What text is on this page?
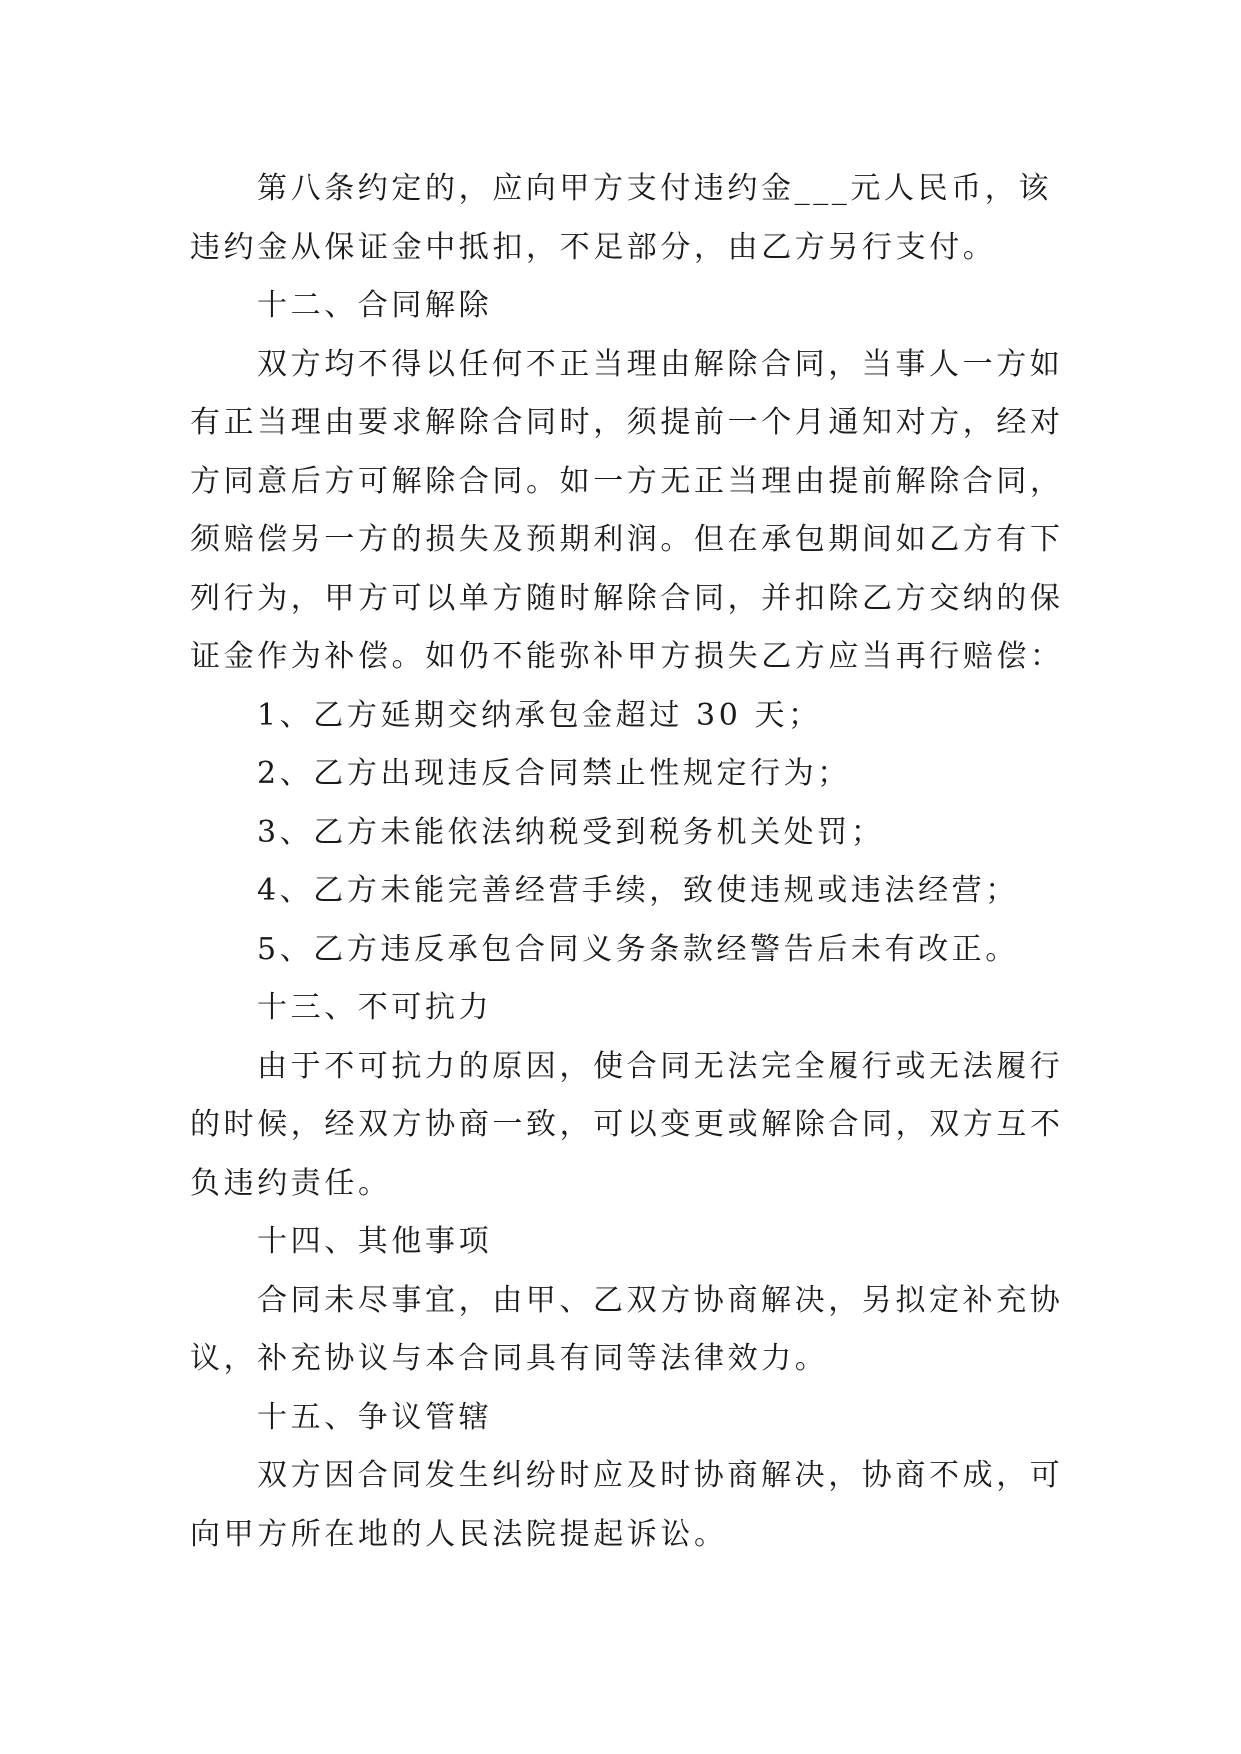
第八条约定的，应向甲方支付违约金___元人民币，该
违约金从保证金中抵扣，不足部分，由乙方另行支付。
十二、合同解除
双方均不得以任何不正当理由解除合同，当事人一方如
有正当理由要求解除合同时，须提前一个月通知对方，经对
方同意后方可解除合同。如一方无正当理由提前解除合同，
须赔偿另一方的损失及预期利润。但在承包期间如乙方有下
列行为，甲方可以单方随时解除合同，并扣除乙方交纳的保
证金作为补偿。如仍不能弥补甲方损失乙方应当再行赔偿：
1、乙方延期交纳承包金超过 30 天；
2、乙方出现违反合同禁止性规定行为；
3、乙方未能依法纳税受到税务机关处罚；
4、乙方未能完善经营手续，致使违规或违法经营；
5、乙方违反承包合同义务条款经警告后未有改正。
十三、不可抗力
由于不可抗力的原因，使合同无法完全履行或无法履行
的时候，经双方协商一致，可以变更或解除合同，双方互不
负违约责任。
十四、其他事项
合同未尽事宜，由甲、乙双方协商解决，另拟定补充协
议，补充协议与本合同具有同等法律效力。
十五、争议管辖
双方因合同发生纠纷时应及时协商解决，协商不成，可
向甲方所在地的人民法院提起诉讼。
